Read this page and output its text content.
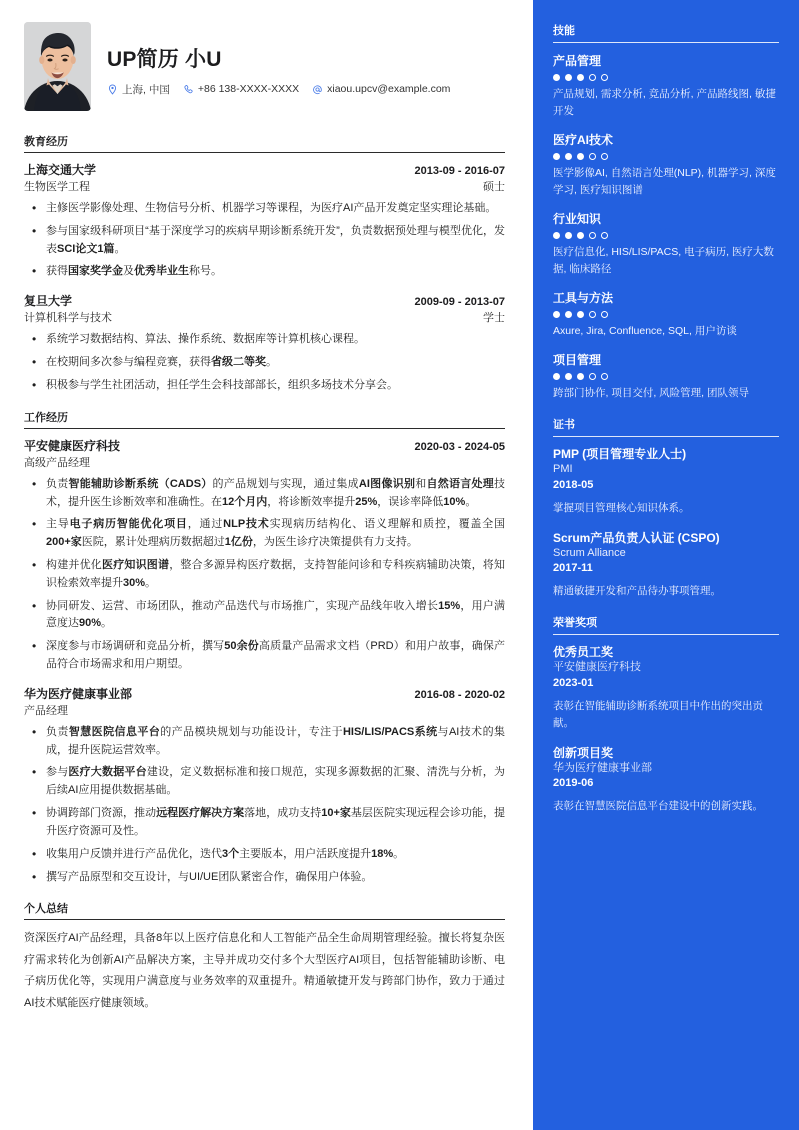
UP简历 小U
上海, 中国	+86 138-XXXX-XXXX	xiaou.upcv@example.com
教育经历
上海交通大学	2013-09 - 2016-07
生物医学工程	硕士
• 主修医学影像处理、生物信号分析、机器学习等课程，为医疗AI产品开发奠定坚实理论基础。
• 参与国家级科研项目“基于深度学习的疾病早期诊断系统开发”，负责数据预处理与模型优化，发表SCI论文1篇。
• 获得国家奖学金及优秀毕业生称号。
复旦大学	2009-09 - 2013-07
计算机科学与技术	学士
• 系统学习数据结构、算法、操作系统、数据库等计算机核心课程。
• 在校期间多次参与编程竞赛，获得省级二等奖。
• 积极参与学生社团活动，担任学生会科技部部长，组织多场技术分享会。
工作经历
平安健康医疗科技	2020-03 - 2024-05
高级产品经理
• 负责智能辅助诊断系统（CADS）的产品规划与实现，通过集成AI图像识别和自然语言处理技术，提升医生诊断效率和准确性。在12个月内，将诊断效率提升25%，误诊率降低10%。
• 主导电子病历智能优化项目，通过NLP技术实现病历结构化、语义理解和质控，覆盖全国200+家医院，累计处理病历数据超过1亿份，为医生诊疗决策提供有力支持。
• 构建并优化医疗知识图谱，整合多源异构医疗数据，支持智能问诊和专科疾病辅助决策，将知识检索效率提升30%。
• 协同研发、运营、市场团队，推动产品迭代与市场推广，实现产品线年收入增长15%，用户满意度达90%。
• 深度参与市场调研和竞品分析，撰写50余份高质量产品需求文档（PRD）和用户故事，确保产品符合市场需求和用户期望。
华为医疗健康事业部	2016-08 - 2020-02
产品经理
• 负责智慧医院信息平台的产品模块规划与功能设计，专注于HIS/LIS/PACS系统与AI技术的集成，提升医院运营效率。
• 参与医疗大数据平台建设，定义数据标准和接口规范，实现多源数据的汇聚、清洗与分析，为后续AI应用提供数据基础。
• 协调跨部门资源，推动远程医疗解决方案落地，成功支持10+家基层医院实现远程会诊功能，提升医疗资源可及性。
• 收集用户反馈并进行产品优化，迭代3个主要版本，用户活跃度提升18%。
• 撰写产品原型和交互设计，与UI/UE团队紧密合作，确保用户体验。
个人总结
资深医疗AI产品经理，具备8年以上医疗信息化和人工智能产品全生命周期管理经验。擅长将复杂医疗需求转化为创新AI产品解决方案，主导并成功交付多个大型医疗AI项目，包括智能辅助诊断、电子病历优化等，实现用户满意度与业务效率的双重提升。精通敏捷开发与跨部门协作，致力于通过AI技术赋能医疗健康领域。
技能
产品管理
产品规划, 需求分析, 竞品分析, 产品路线图, 敏捷开发
医疗AI技术
医学影像AI, 自然语言处理(NLP), 机器学习, 深度学习, 医疗知识图谱
行业知识
医疗信息化, HIS/LIS/PACS, 电子病历, 医疗大数据, 临床路径
工具与方法
Axure, Jira, Confluence, SQL, 用户访谈
项目管理
跨部门协作, 项目交付, 风险管理, 团队领导
证书
PMP (项目管理专业人士)
PMI
2018-05
掌握项目管理核心知识体系。
Scrum产品负责人认证 (CSPO)
Scrum Alliance
2017-11
精通敏捷开发和产品待办事项管理。
荣誉奖项
优秀员工奖
平安健康医疗科技
2023-01
表彰在智能辅助诊断系统项目中作出的突出贡献。
创新项目奖
华为医疗健康事业部
2019-06
表彰在智慧医院信息平台建设中的创新实践。
